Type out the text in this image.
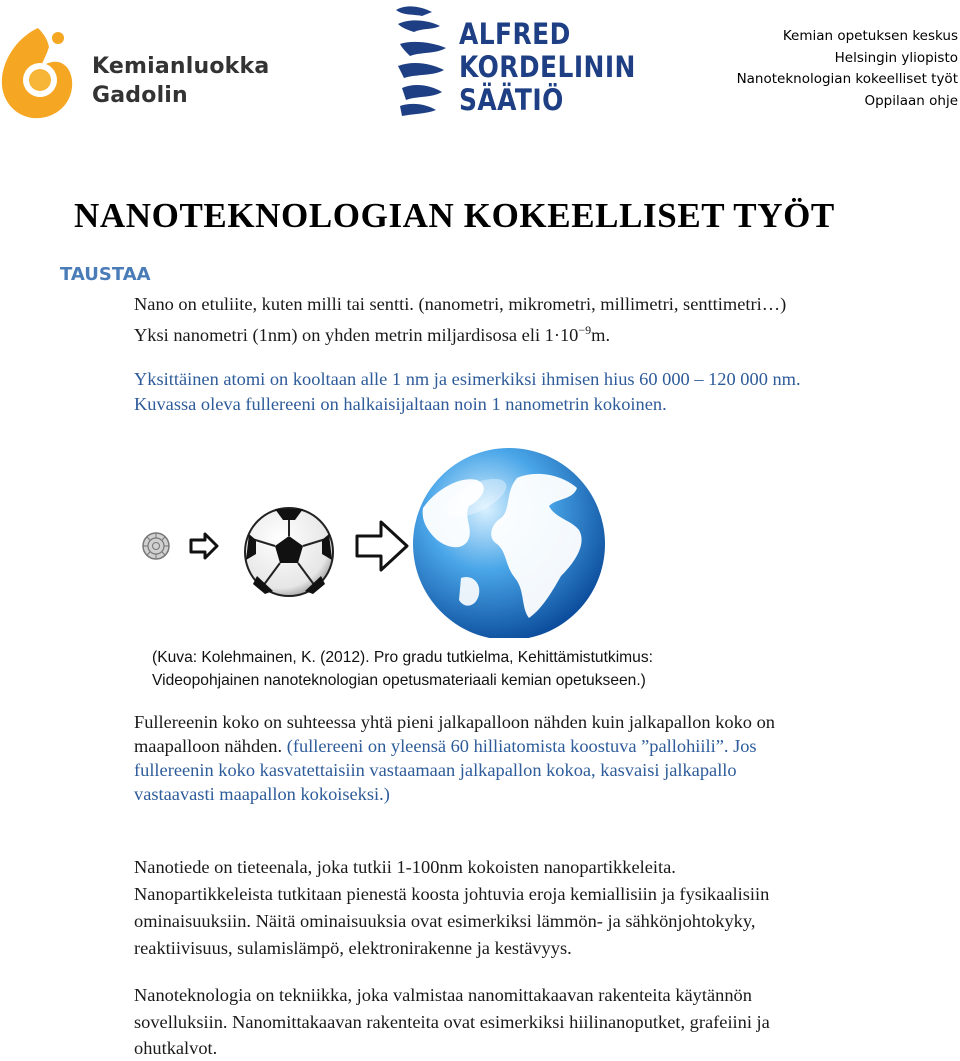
Kemianluokka
Gadolin
ALFRED
KORDELININ
SÄÄTIÖ
Kemian opetuksen keskus
Helsingin yliopisto
Nanoteknologian kokeelliset työt
Oppilaan ohje
NANOTEKNOLOGIAN KOKEELLISET TYÖT
TAUSTAA
Nano on etuliite, kuten milli tai sentti. (nanometri, mikrometri, millimetri, senttimetri…)
Yksi nanometri (1nm) on yhden metrin miljardisosa eli $1\cdot 10^{-9}m$.
Yksittäinen atomi on kooltaan alle 1 nm ja esimerkiksi ihmisen hius 60 000 – 120 000 nm.
Kuvassa oleva fullereeni on halkaisijaltaan noin 1 nanometrin kokoinen.
(Kuva: Kolehmainen, K. (2012). Pro gradu tutkielma, Kehittämistutkimus:
Videopohjainen nanoteknologian opetusmateriaali kemian opetukseen.)
Fullereenin koko on suhteessa yhtä pieni jalkapalloon nähden kuin jalkapallon koko on
maapalloon nähden. (fullereeni on yleensä 60 hilliatomista koostuva ”pallohiili”. Jos
fullereenin koko kasvatettaisiin vastaamaan jalkapallon kokoa, kasvaisi jalkapallo
vastaavasti maapallon kokoiseksi.)
Nanotiede on tieteenala, joka tutkii 1-100nm kokoisten nanopartikkeleita.
Nanopartikkeleista tutkitaan pienestä koosta johtuvia eroja kemiallisiin ja fysikaalisiin
ominaisuuksiin. Näitä ominaisuuksia ovat esimerkiksi lämmön- ja sähkönjohtokyky,
reaktiivisuus, sulamislämpö, elektronirakenne ja kestävyys.
Nanoteknologia on tekniikka, joka valmistaa nanomittakaavan rakenteita käytännön
sovelluksiin. Nanomittakaavan rakenteita ovat esimerkiksi hiilinanoputket, grafeiini ja
ohutkalvot.
